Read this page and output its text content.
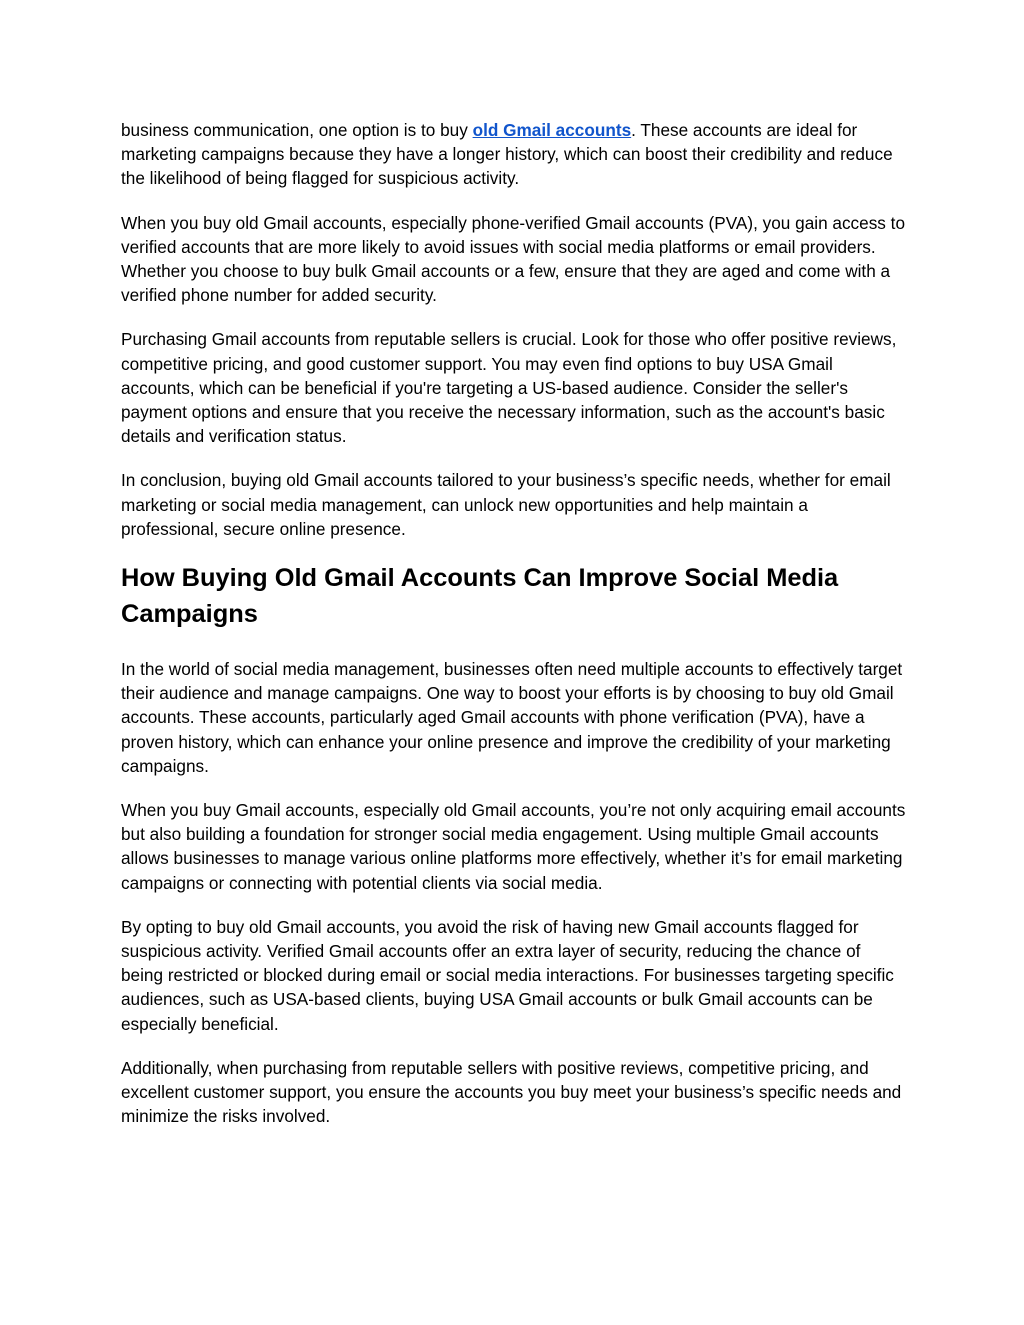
business communication, one option is to buy old Gmail accounts. These accounts are ideal for marketing campaigns because they have a longer history, which can boost their credibility and reduce the likelihood of being flagged for suspicious activity.

When you buy old Gmail accounts, especially phone-verified Gmail accounts (PVA), you gain access to verified accounts that are more likely to avoid issues with social media platforms or email providers. Whether you choose to buy bulk Gmail accounts or a few, ensure that they are aged and come with a verified phone number for added security.

Purchasing Gmail accounts from reputable sellers is crucial. Look for those who offer positive reviews, competitive pricing, and good customer support. You may even find options to buy USA Gmail accounts, which can be beneficial if you're targeting a US-based audience. Consider the seller's payment options and ensure that you receive the necessary information, such as the account's basic details and verification status.

In conclusion, buying old Gmail accounts tailored to your business’s specific needs, whether for email marketing or social media management, can unlock new opportunities and help maintain a professional, secure online presence.

How Buying Old Gmail Accounts Can Improve Social Media Campaigns

In the world of social media management, businesses often need multiple accounts to effectively target their audience and manage campaigns. One way to boost your efforts is by choosing to buy old Gmail accounts. These accounts, particularly aged Gmail accounts with phone verification (PVA), have a proven history, which can enhance your online presence and improve the credibility of your marketing campaigns.

When you buy Gmail accounts, especially old Gmail accounts, you’re not only acquiring email accounts but also building a foundation for stronger social media engagement. Using multiple Gmail accounts allows businesses to manage various online platforms more effectively, whether it’s for email marketing campaigns or connecting with potential clients via social media.

By opting to buy old Gmail accounts, you avoid the risk of having new Gmail accounts flagged for suspicious activity. Verified Gmail accounts offer an extra layer of security, reducing the chance of being restricted or blocked during email or social media interactions. For businesses targeting specific audiences, such as USA-based clients, buying USA Gmail accounts or bulk Gmail accounts can be especially beneficial.

Additionally, when purchasing from reputable sellers with positive reviews, competitive pricing, and excellent customer support, you ensure the accounts you buy meet your business’s specific needs and minimize the risks involved.
